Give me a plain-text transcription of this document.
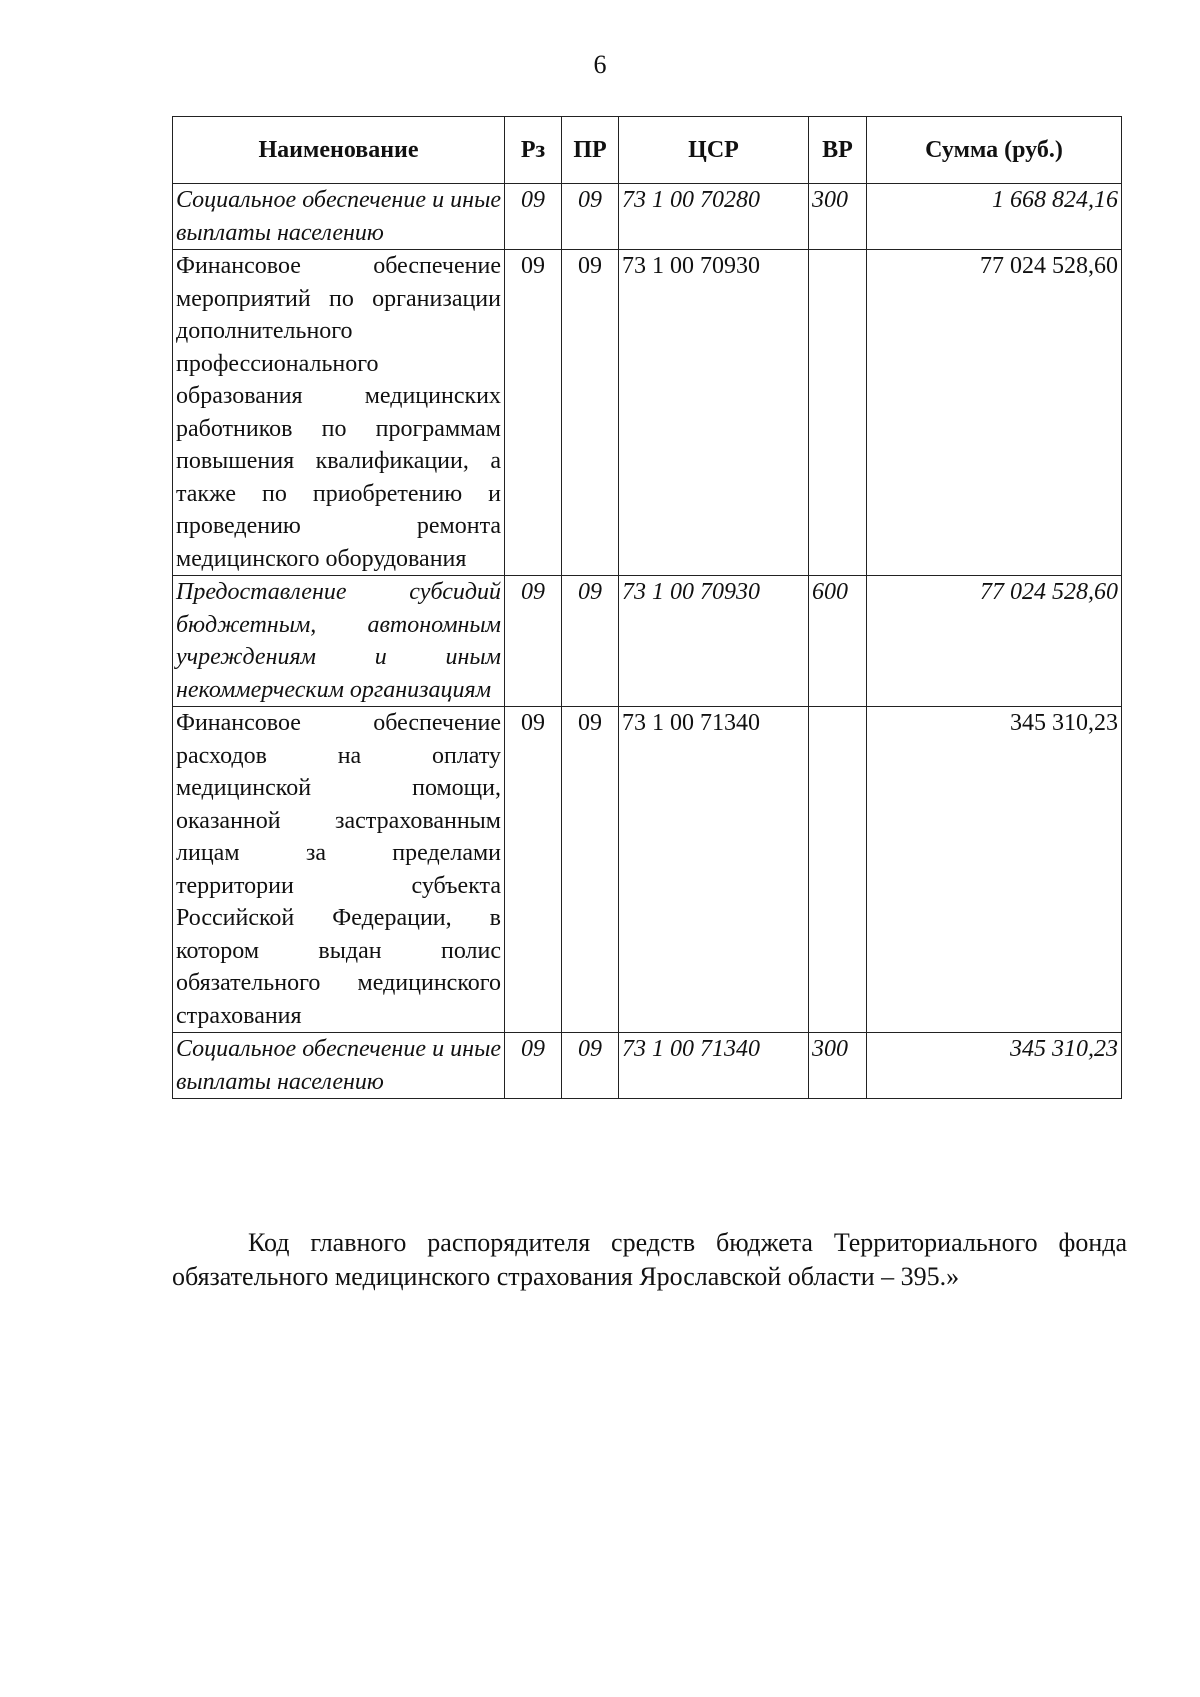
6
Наименование	Рз	ПР	ЦСР	ВР	Сумма (руб.)
Социальное обеспечение и иные выплаты населению	09	09	73 1 00 70280	300	1 668 824,16
Финансовое обеспечение мероприятий по организации дополнительного профессионального образования медицинских работников по программам повышения квалификации, а также по приобретению и проведению ремонта медицинского оборудования	09	09	73 1 00 70930		77 024 528,60
Предоставление субсидий бюджетным, автономным учреждениям и иным некоммерческим организациям	09	09	73 1 00 70930	600	77 024 528,60
Финансовое обеспечение расходов на оплату медицинской помощи, оказанной застрахованным лицам за пределами территории субъекта Российской Федерации, в котором выдан полис обязательного медицинского страхования	09	09	73 1 00 71340		345 310,23
Социальное обеспечение и иные выплаты населению	09	09	73 1 00 71340	300	345 310,23

Код главного распорядителя средств бюджета Территориального фонда обязательного медицинского страхования Ярославской области – 395.»
